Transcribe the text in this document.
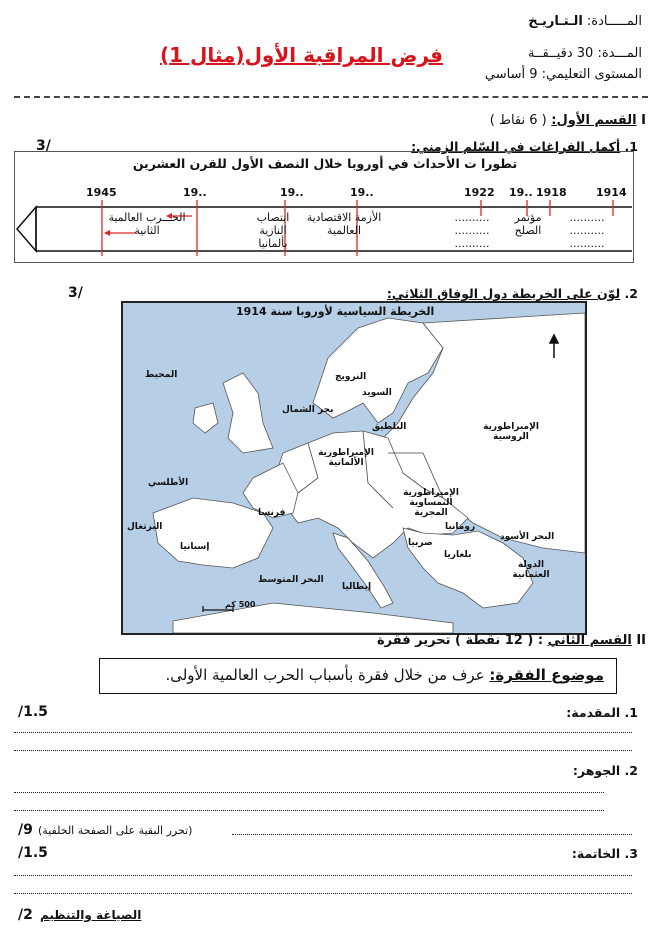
المـــــادة: الـتـاريـخ
المـــدة: 30 دقيــقــة
المستوى التعليمي: 9 أساسي
فرض المراقبة الأول(مثال 1)
I القسم الأول: ( 6 نقاط )
1. أكمل الفراغات في السّلم الزمني:
3/
تطورا ت الأحداث في أوروبا خلال النصف الأول للقرن العشرين
1914
1918
19..
1922
19..
19..
19..
1945
..........
..........
..........
مؤتمر الصلح
..........
..........
..........
الأزمة الاقتصادية العالمية
انتصاب النازية بألمانيا
الحـــرب العالمية الثانية
2. لوّن على الخريطة دول الوفاق الثلاثي:
3/
الخريطة السياسية لأوروبا سنة 1914
المحيط
الأطلسي
بحر الشمال
البلطيق
النرويج
السويد
الإمبراطورية الألمانية
الإمبراطورية الروسية
فرنسا
الإمبراطورية النمساوية المجرية
إسبانيا
البرتغال
إيطاليا
رومانيا
بلغاريا
صربيا
البحر الأسود
الدولة العثمانية
البحر المتوسط
500 كم
II القسم الثاني : ( 12 نقطة ) تحرير فقرة
موضوع الفقرة: عرف من خلال فقرة بأسباب الحرب العالمية الأولى.
1. المقدمة:
/1.5
2. الجوهر:
/9 (تحرر البقية على الصفحة الخلفية)
3. الخاتمة:
/1.5
/2 الصياغة والتنظيم
